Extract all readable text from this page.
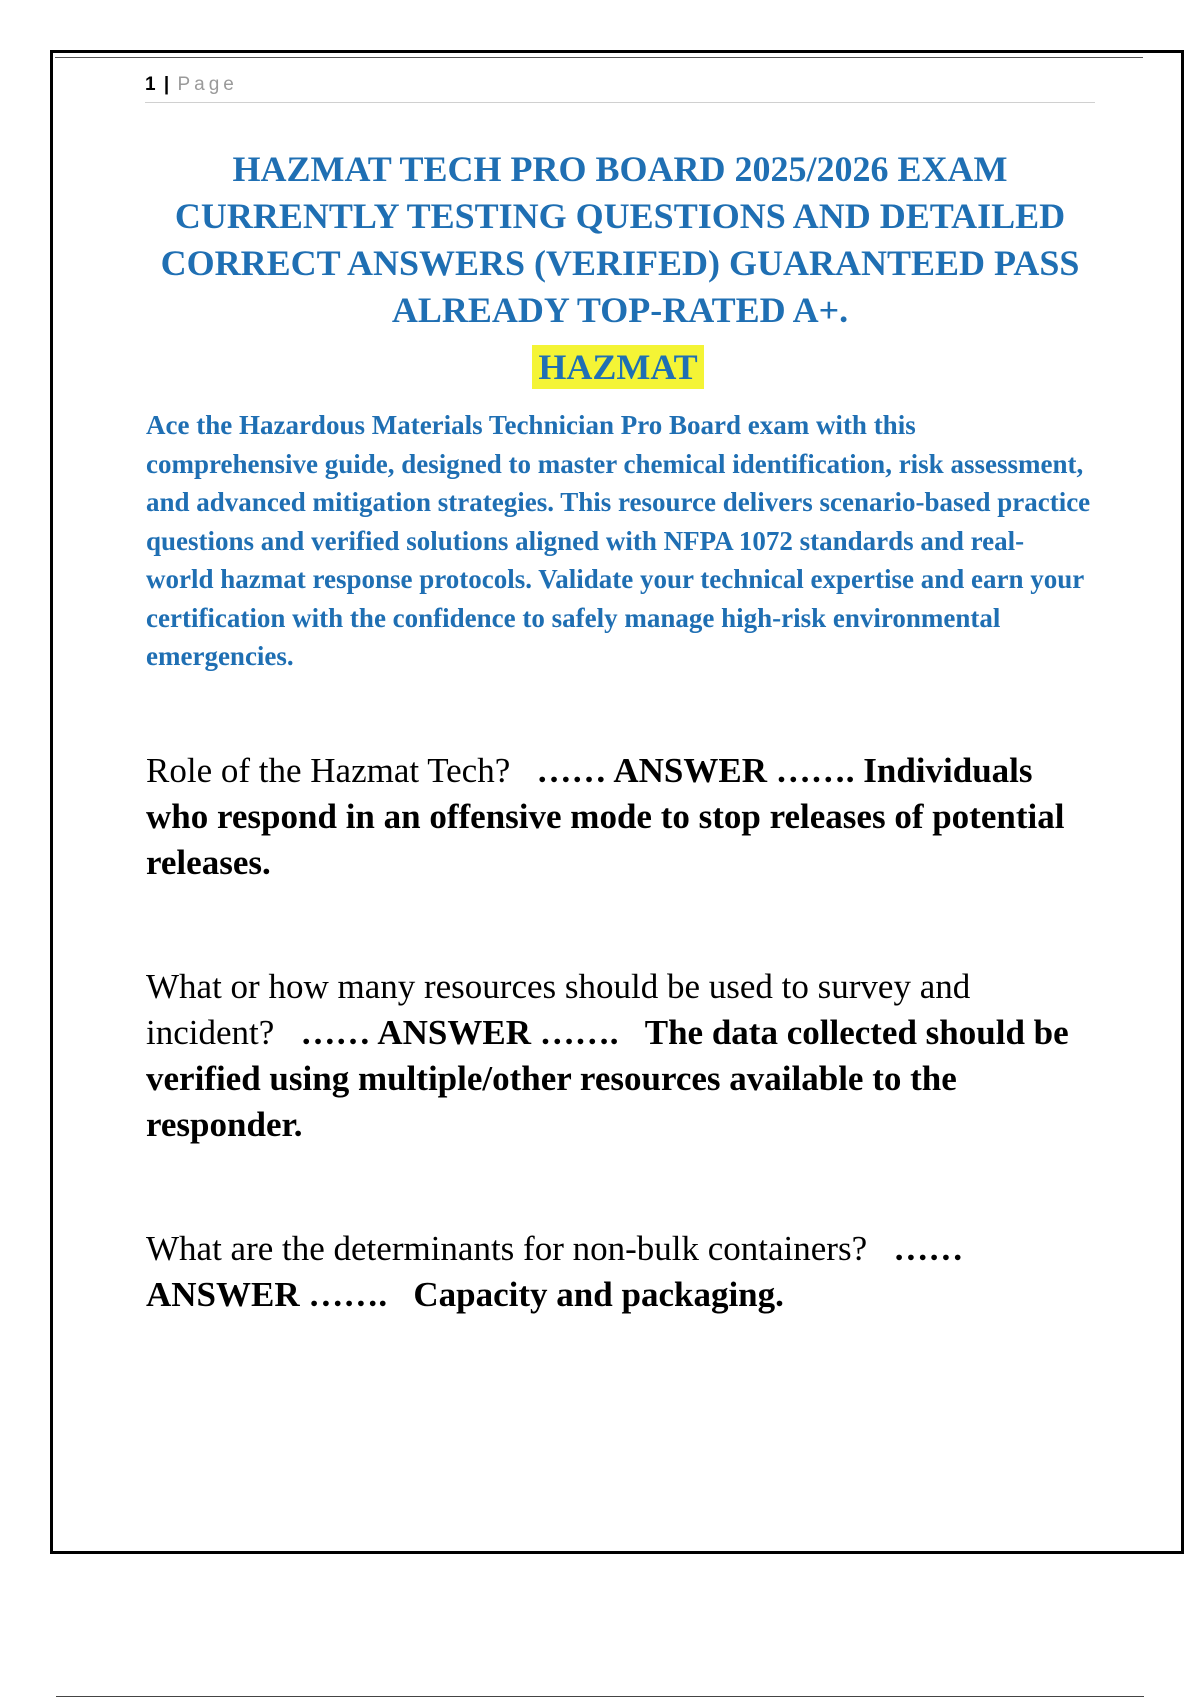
1 | Page
HAZMAT TECH PRO BOARD 2025/2026 EXAM CURRENTLY TESTING QUESTIONS AND DETAILED CORRECT ANSWERS (VERIFED) GUARANTEED PASS ALREADY TOP-RATED A+.
HAZMAT
Ace the Hazardous Materials Technician Pro Board exam with this comprehensive guide, designed to master chemical identification, risk assessment, and advanced mitigation strategies. This resource delivers scenario-based practice questions and verified solutions aligned with NFPA 1072 standards and real-world hazmat response protocols. Validate your technical expertise and earn your certification with the confidence to safely manage high-risk environmental emergencies.
Role of the Hazmat Tech? …… ANSWER ……. Individuals who respond in an offensive mode to stop releases of potential releases.
What or how many resources should be used to survey and incident? …… ANSWER ……. The data collected should be verified using multiple/other resources available to the responder.
What are the determinants for non-bulk containers? …… ANSWER ……. Capacity and packaging.
